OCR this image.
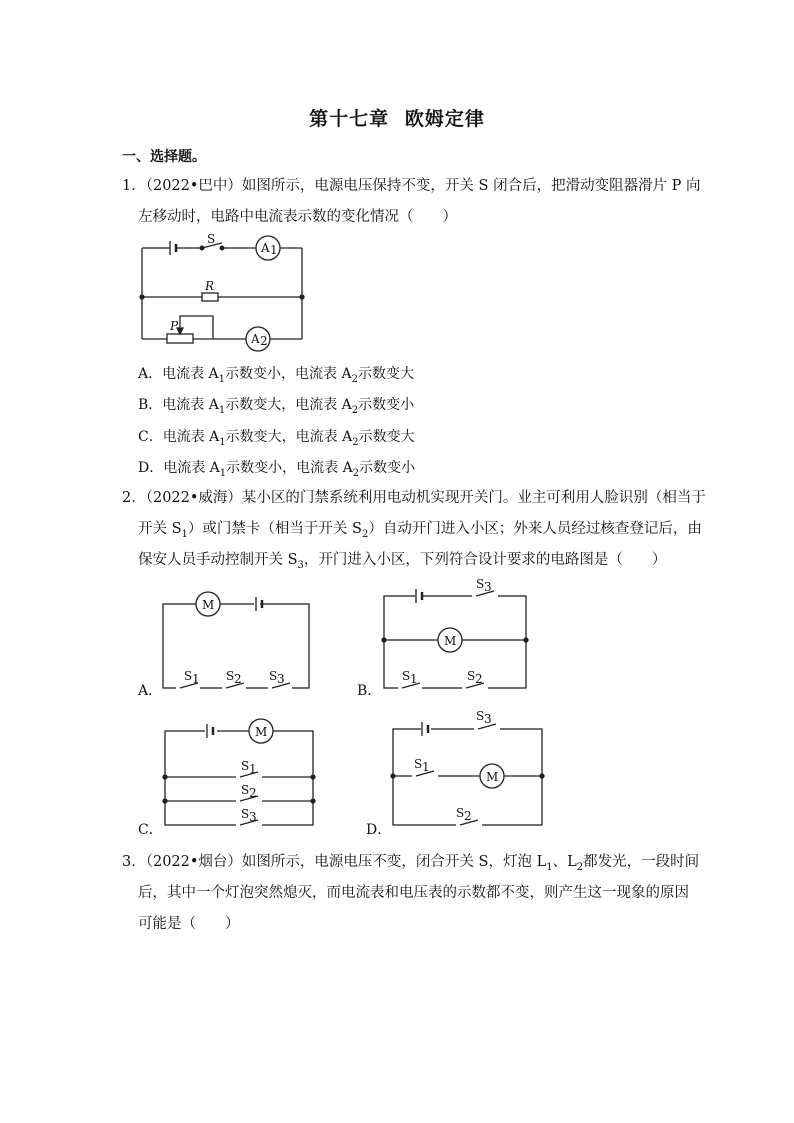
第十七章 欧姆定律
一、选择题。
1．（2022•巴中）如图所示，电源电压保持不变，开关 S 闭合后，把滑动变阻器滑片 P 向
左移动时，电路中电流表示数的变化情况（　　）
S
A 1
R
P
A 2
M
S 1 S 2 S 3
M
S 3
S 1	S 2
M
S 1
S 2
S 3
M
S 3
S 1
S 2
A．电流表 $A_1$示数变小，电流表 $A_2$示数变大
B．电流表 $A_1$示数变大，电流表 $A_2$示数变小
C．电流表 $A_1$示数变大，电流表 $A_2$示数变大
D．电流表 $A_1$示数变小，电流表 $A_2$示数变小
2．（2022•威海）某小区的门禁系统利用电动机实现开关门。业主可利用人脸识别（相当于
开关 $S_1$）或门禁卡（相当于开关 $S_2$）自动开门进入小区；外来人员经过核查登记后，由
保安人员手动控制开关 $S_3$，开门进入小区，下列符合设计要求的电路图是（　　）
A．	B．
C．	D．
3．（2022•烟台）如图所示，电源电压不变，闭合开关 S，灯泡 $L_1$、$L_2$都发光，一段时间
后，其中一个灯泡突然熄灭，而电流表和电压表的示数都不变，则产生这一现象的原因
可能是（　　）
